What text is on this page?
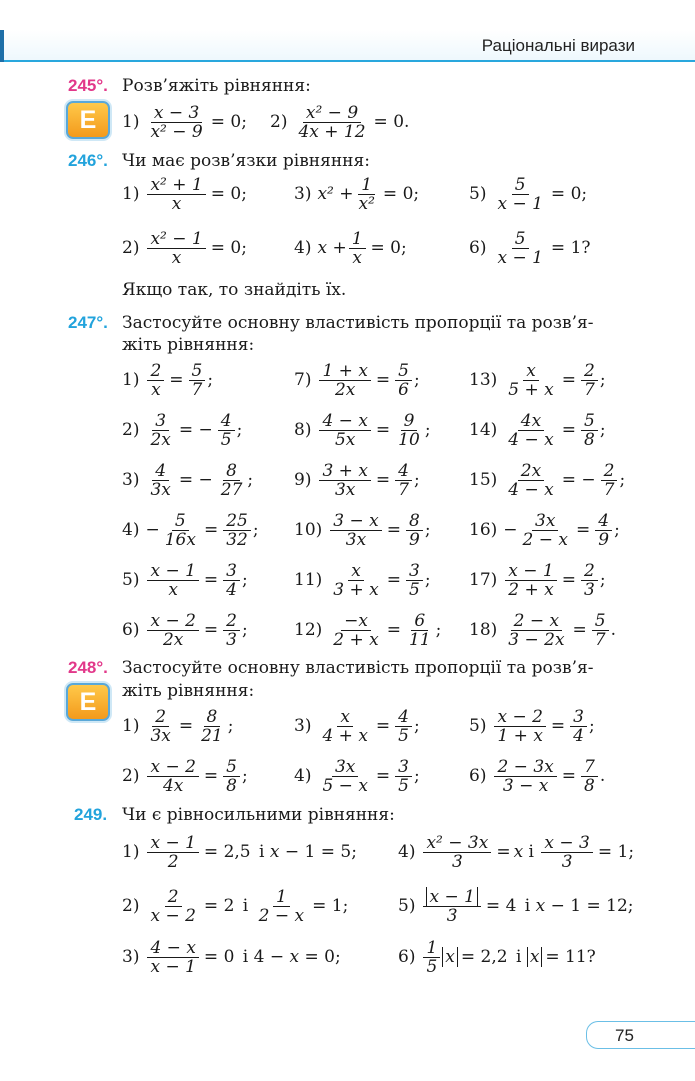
Раціональні вирази
245°. Розв’яжіть рівняння:
E	$1) \frac{x - 3}{\text{x² − 9}} = 0$; $2) \frac{\text{x² − 9}}{4x + 12} = 0$.
246°. Чи має розв’язки рівняння:
$1) \frac{\text{x² + 1}}{x} = 0$;	3) $x^2 + \frac{1}{\text{x²}} = 0$;	$5) \frac{5}{x - 1} = 0$;
$2) \frac{\text{x² − 1}}{x} = 0$;	4) $x + \frac{1}{x} = 0$;	$6) \frac{5}{x - 1} = 1$?
Якщо так, то знайдіть їх.
247°. Застосуйте основну властивість пропорції та розв’я-
жіть рівняння:
$1) \frac{2}{x} = \frac{5}{7}$ ;	$7) \frac{1 + x}{2x} = \frac{5}{6}$ ;	$13) \frac{x}{5 + x} = \frac{2}{7}$ ;
$2) \frac{3}{2x}$ = − $\frac{4}{5}$ ;	$8) \frac{4 - x}{5x} = \frac{9}{10}$ ; $14) \frac{4x}{4 - x} = \frac{5}{8}$ ;
$3) \frac{4}{3x}$ = − $\frac{8}{27}$ ; $9) \frac{3 + x}{3x} = \frac{4}{7}$ ;	$15) \frac{2x}{4 - x}$ = − $\frac{2}{7}$ ;
$4) - \frac{5}{16x} = \frac{25}{32}$ ; $10) \frac{3 - x}{3x} = \frac{8}{9}$ ; $16) - \frac{3x}{2 - x} = \frac{4}{9}$ ;
$5) \frac{x - 1}{x} = \frac{3}{4}$ ;	$11) \frac{x}{3 + x} = \frac{3}{5}$ ; $17) \frac{x - 1}{2 + x} = \frac{2}{3}$ ;
$6) \frac{x - 2}{2x} = \frac{2}{3}$ ;	$12) \frac{-x}{2 + x} = \frac{6}{11}$ ; $18) \frac{2 - x}{3 - 2x} = \frac{5}{7}$ .
248°. Застосуйте основну властивість пропорції та розв’я-
жіть рівняння:
E
$1) \frac{2}{3x} = \frac{8}{21}$ ;	$3) \frac{x}{4 + x} = \frac{4}{5}$ ;	$5) \frac{x - 2}{1 + x} = \frac{3}{4}$ ;
$2) \frac{x - 2}{4x} = \frac{5}{8}$ ;	$4) \frac{3x}{5 - x} = \frac{3}{5}$ ;	$6) \frac{2 - 3x}{3 - x} = \frac{7}{8}$ .
249. Чи є рівносильними рівняння:
$1) \frac{x - 1}{2} = 2,5$ і x − 1 = 5; $4) \frac{\text{x² − 3x}}{3} = x$ і $\frac{x - 3}{3} = 1$;
$2) \frac{2}{x - 2} = 2$ і $\frac{1}{2 - x} = 1$;	$5) \frac{x - 1}{3} = 4$ і x − 1 = 12;
$3) \frac{4 - x}{x - 1} = 0$ і 4 − x = 0;	$6) \frac{1}{5}$ x = 2,2 і x = 11?
75
